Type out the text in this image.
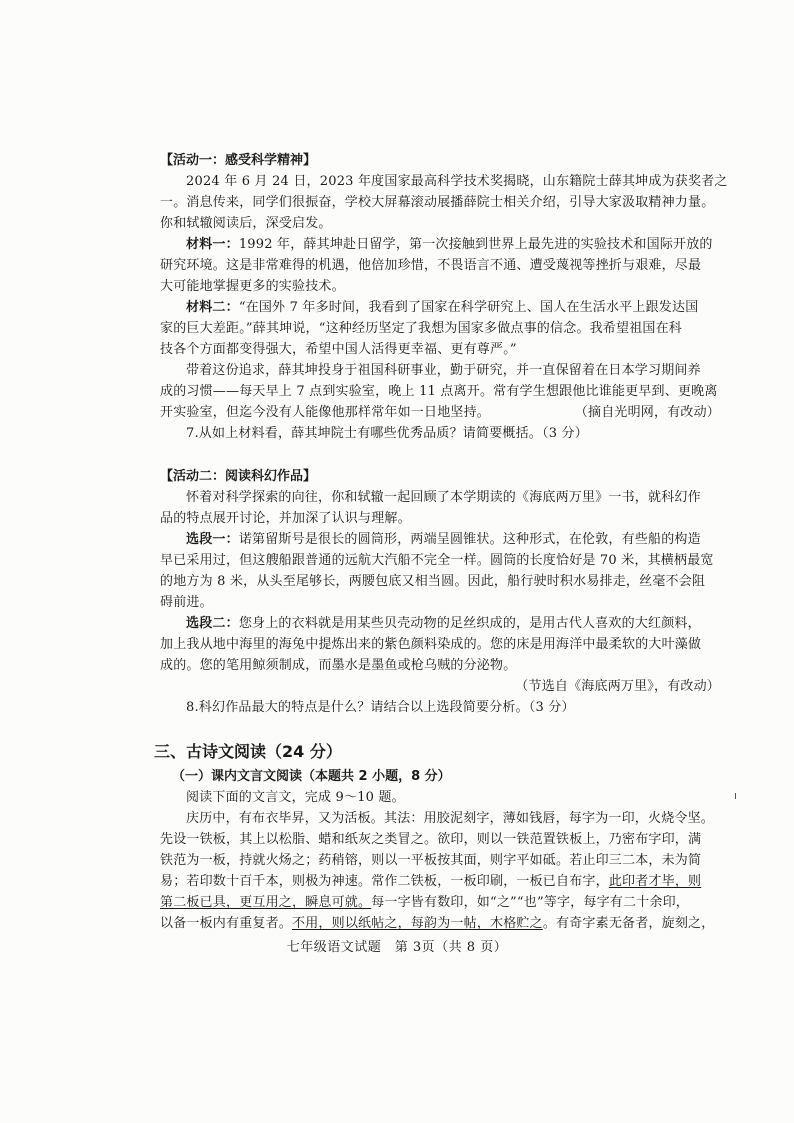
【活动一：感受科学精神】
2024 年 6 月 24 日，2023 年度国家最高科学技术奖揭晓，山东籍院士薛其坤成为获奖者之
一。消息传来，同学们很振奋，学校大屏幕滚动展播薛院士相关介绍，引导大家汲取精神力量。
你和轼辙阅读后，深受启发。
材料一：1992 年，薛其坤赴日留学，第一次接触到世界上最先进的实验技术和国际开放的
研究环境。这是非常难得的机遇，他倍加珍惜，不畏语言不通、遭受蔑视等挫折与艰难，尽最
大可能地掌握更多的实验技术。
材料二：“在国外 7 年多时间，我看到了国家在科学研究上、国人在生活水平上跟发达国
家的巨大差距。”薛其坤说，“这种经历坚定了我想为国家多做点事的信念。我希望祖国在科
技各个方面都变得强大，希望中国人活得更幸福、更有尊严。”
带着这份追求，薛其坤投身于祖国科研事业，勤于研究，并一直保留着在日本学习期间养
成的习惯——每天早上 7 点到实验室，晚上 11 点离开。常有学生想跟他比谁能更早到、更晚离
开实验室，但迄今没有人能像他那样常年如一日地坚持。	（摘自光明网，有改动）
7.从如上材料看，薛其坤院士有哪些优秀品质？请简要概括。（3 分）
【活动二：阅读科幻作品】
怀着对科学探索的向往，你和轼辙一起回顾了本学期读的《海底两万里》一书，就科幻作
品的特点展开讨论，并加深了认识与理解。
选段一：诺第留斯号是很长的圆筒形，两端呈圆锥状。这种形式，在伦敦，有些船的构造
早已采用过，但这艘船跟普通的远航大汽船不完全一样。圆筒的长度恰好是 70 米，其横柄最宽
的地方为 8 米，从头至尾够长，两腰包底又相当圆。因此，船行驶时积水易排走，丝毫不会阻
碍前进。
选段二：您身上的衣料就是用某些贝壳动物的足丝织成的，是用古代人喜欢的大红颜料，
加上我从地中海里的海兔中提炼出来的紫色颜料染成的。您的床是用海洋中最柔软的大叶藻做
成的。您的笔用鲸须制成，而墨水是墨鱼或枪乌贼的分泌物。
（节选自《海底两万里》，有改动）
8.科幻作品最大的特点是什么？请结合以上选段简要分析。（3 分）
三、古诗文阅读（24 分）
（一）课内文言文阅读（本题共 2 小题，8 分）
阅读下面的文言文，完成 9～10 题。
庆历中，有布衣毕昇，又为活板。其法：用胶泥刻字，薄如钱唇，每字为一印，火烧令坚。
先设一铁板，其上以松脂、蜡和纸灰之类冒之。欲印，则以一铁范置铁板上，乃密布字印，满
铁范为一板，持就火炀之；药稍镕，则以一平板按其面，则字平如砥。若止印三二本，未为简
易；若印数十百千本，则极为神速。常作二铁板，一板印刷，一板已自布字，此印者才毕，则
第二板已具，更互用之，瞬息可就。每一字皆有数印，如“之”“也”等字，每字有二十余印，
以备一板内有重复者。不用，则以纸帖之，每韵为一帖，木格贮之。有奇字素无备者，旋刻之，
七年级语文试题　第 3页（共 8 页）
